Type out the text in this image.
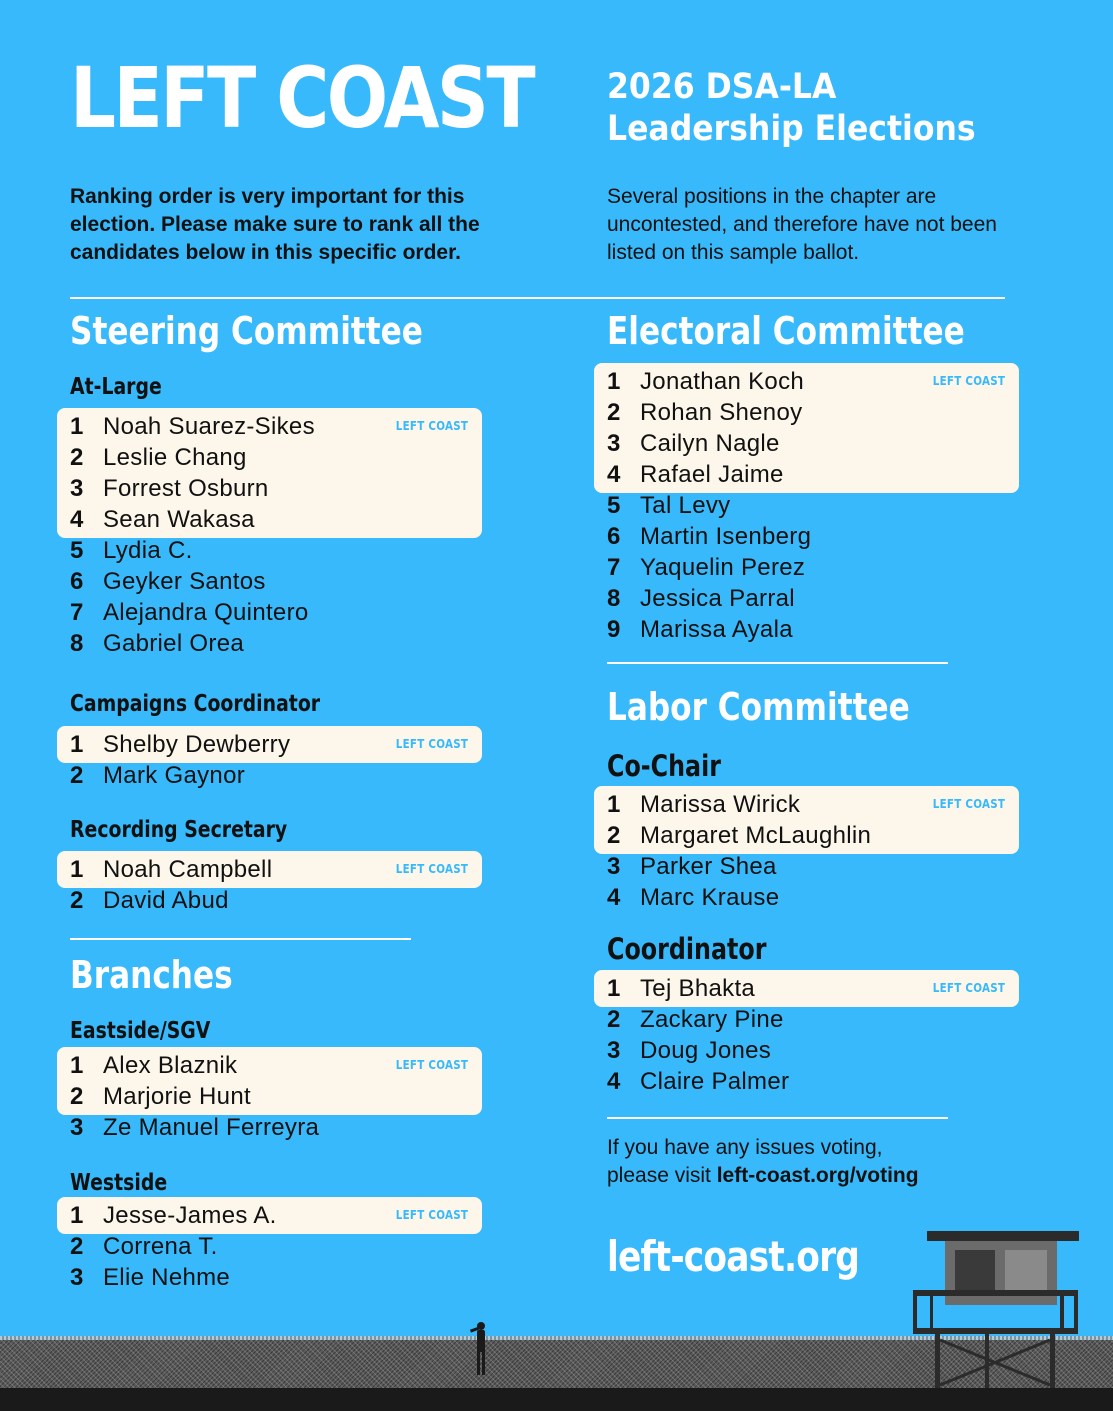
LEFT COAST 2026 DSA-LA
Leadership Elections
Ranking order is very important for this election. Please make sure to rank all the candidates below in this specific order.
Several positions in the chapter are uncontested, and therefore have not been listed on this sample ballot.
Steering Committee
At-Large
LEFT COAST
1 Noah Suarez-Sikes
2 Leslie Chang
3 Forrest Osburn
4 Sean Wakasa
5 Lydia C.
6 Geyker Santos
7 Alejandra Quintero
8 Gabriel Orea
Campaigns Coordinator
LEFT COAST
1 Shelby Dewberry
2 Mark Gaynor
Recording Secretary
LEFT COAST
1 Noah Campbell
2 David Abud
Branches
Eastside/SGV
LEFT COAST
1 Alex Blaznik
2 Marjorie Hunt
3 Ze Manuel Ferreyra
Westside
LEFT COAST
1 Jesse-James A.
2 Correna T.
3 Elie Nehme
Electoral Committee
LEFT COAST
1 Jonathan Koch
2 Rohan Shenoy
3 Cailyn Nagle
4 Rafael Jaime
5 Tal Levy
6 Martin Isenberg
7 Yaquelin Perez
8 Jessica Parral
9 Marissa Ayala
Labor Committee
Co-Chair
LEFT COAST
1 Marissa Wirick
2 Margaret McLaughlin
3 Parker Shea
4 Marc Krause
Coordinator
LEFT COAST
1 Tej Bhakta
2 Zackary Pine
3 Doug Jones
4 Claire Palmer
If you have any issues voting,
please visit left-coast.org/voting
left-coast.org
